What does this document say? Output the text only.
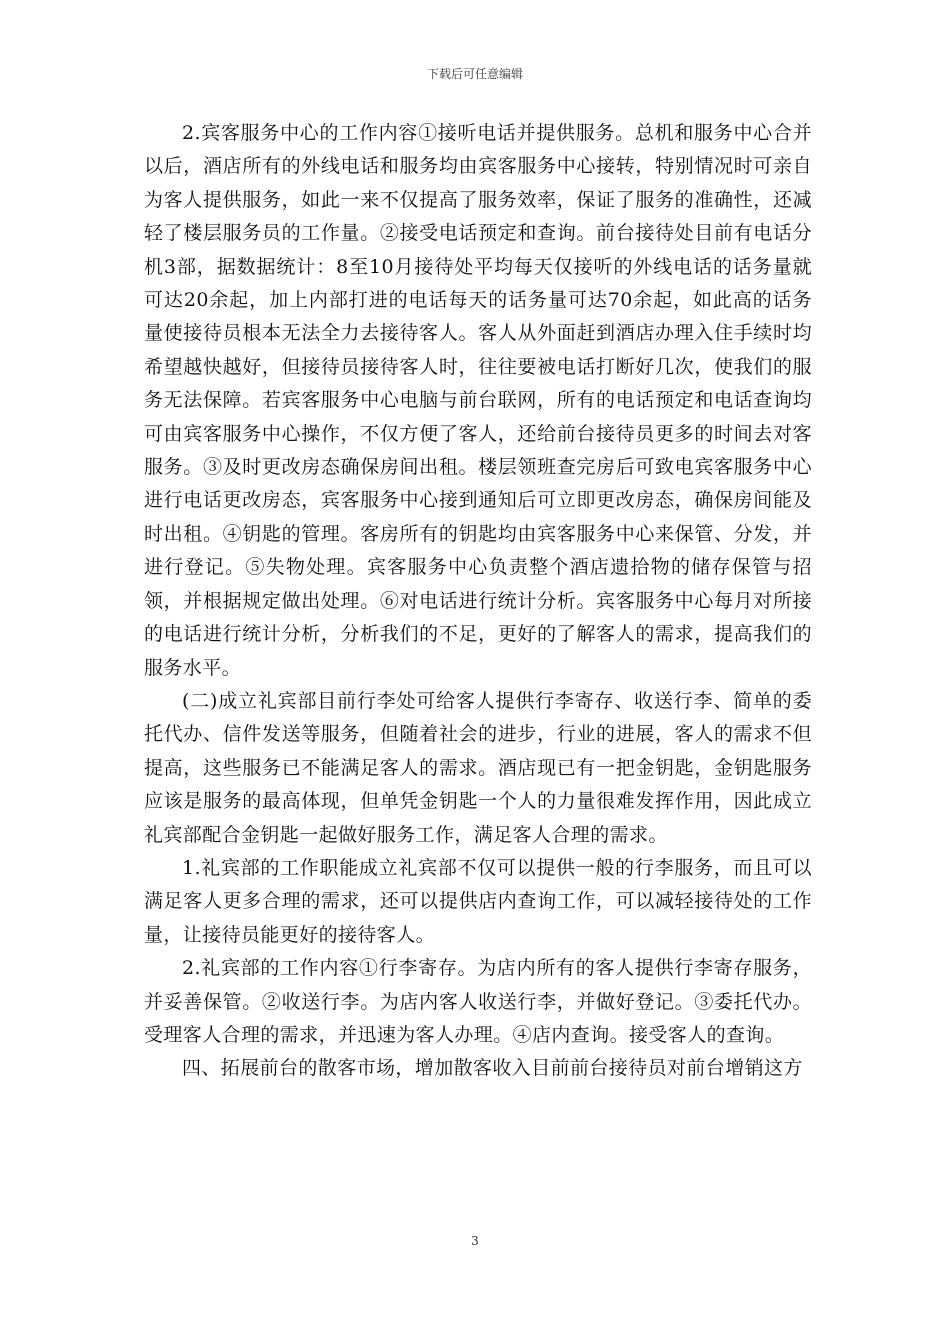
下载后可任意编辑

2.宾客服务中心的工作内容①接听电话并提供服务。总机和服务中心合并以后，酒店所有的外线电话和服务均由宾客服务中心接转，特别情况时可亲自为客人提供服务，如此一来不仅提高了服务效率，保证了服务的准确性，还减轻了楼层服务员的工作量。②接受电话预定和查询。前台接待处目前有电话分机3部，据数据统计：8至10月接待处平均每天仅接听的外线电话的话务量就可达20余起，加上内部打进的电话每天的话务量可达70余起，如此高的话务量使接待员根本无法全力去接待客人。客人从外面赶到酒店办理入住手续时均希望越快越好，但接待员接待客人时，往往要被电话打断好几次，使我们的服务无法保障。若宾客服务中心电脑与前台联网，所有的电话预定和电话查询均可由宾客服务中心操作，不仅方便了客人，还给前台接待员更多的时间去对客服务。③及时更改房态确保房间出租。楼层领班查完房后可致电宾客服务中心进行电话更改房态，宾客服务中心接到通知后可立即更改房态，确保房间能及时出租。④钥匙的管理。客房所有的钥匙均由宾客服务中心来保管、分发，并进行登记。⑤失物处理。宾客服务中心负责整个酒店遗拾物的储存保管与招领，并根据规定做出处理。⑥对电话进行统计分析。宾客服务中心每月对所接的电话进行统计分析，分析我们的不足，更好的了解客人的需求，提高我们的服务水平。

(二)成立礼宾部目前行李处可给客人提供行李寄存、收送行李、简单的委托代办、信件发送等服务，但随着社会的进步，行业的进展，客人的需求不但提高，这些服务已不能满足客人的需求。酒店现已有一把金钥匙，金钥匙服务应该是服务的最高体现，但单凭金钥匙一个人的力量很难发挥作用，因此成立礼宾部配合金钥匙一起做好服务工作，满足客人合理的需求。

1.礼宾部的工作职能成立礼宾部不仅可以提供一般的行李服务，而且可以满足客人更多合理的需求，还可以提供店内查询工作，可以减轻接待处的工作量，让接待员能更好的接待客人。

2.礼宾部的工作内容①行李寄存。为店内所有的客人提供行李寄存服务，并妥善保管。②收送行李。为店内客人收送行李，并做好登记。③委托代办。受理客人合理的需求，并迅速为客人办理。④店内查询。接受客人的查询。

四、拓展前台的散客市场，增加散客收入目前前台接待员对前台增销这方

3
